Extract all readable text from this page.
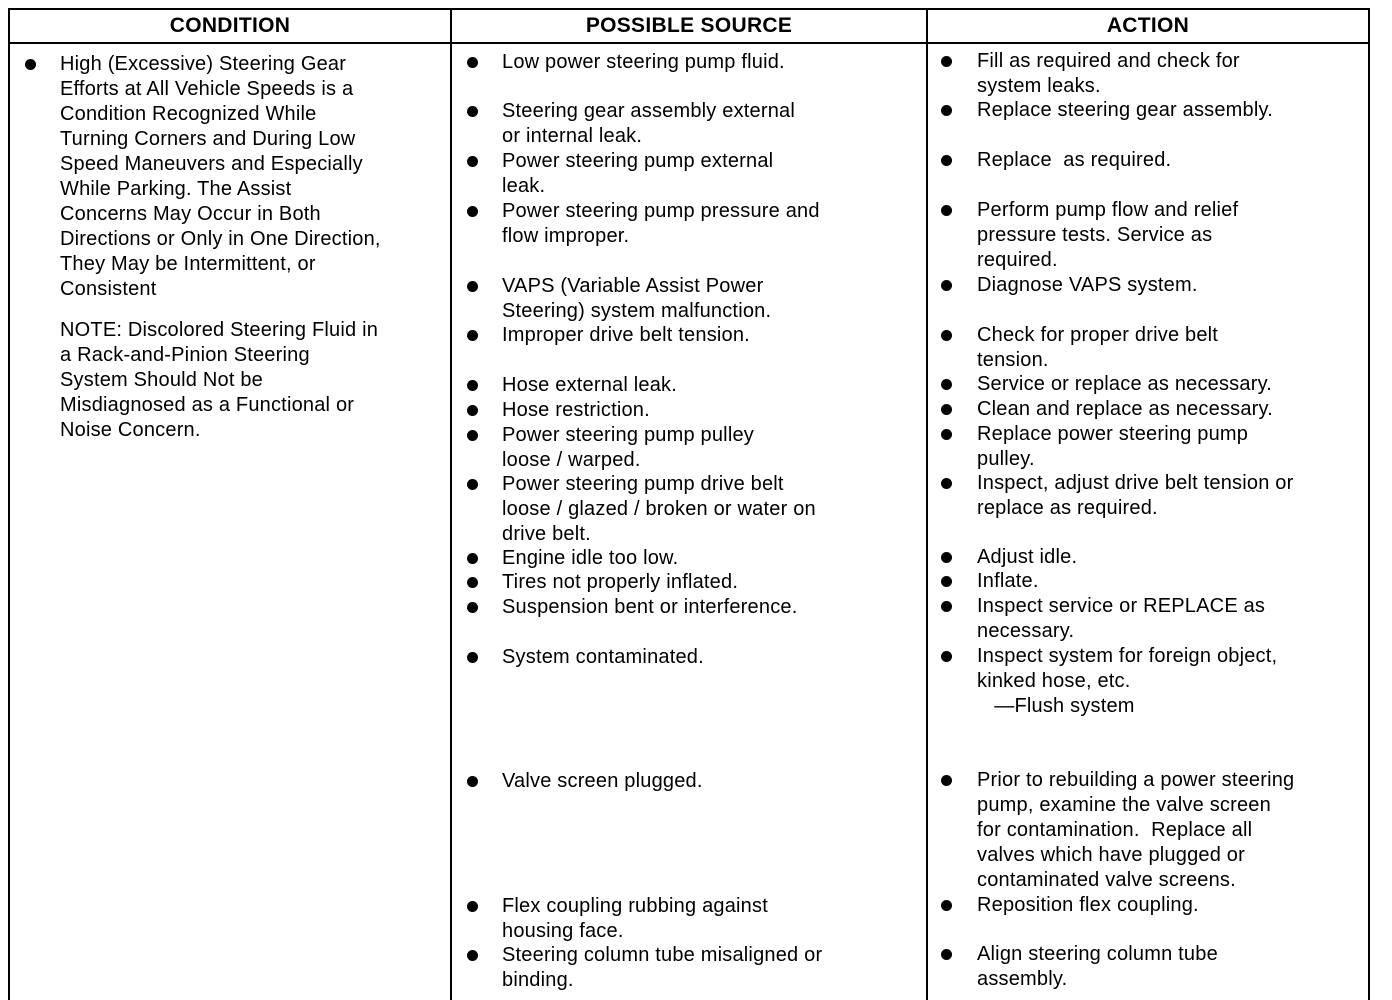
CONDITION	POSSIBLE SOURCE	ACTION
High (Excessive) Steering Gear
Efforts at All Vehicle Speeds is a
Condition Recognized While
Turning Corners and During Low
Speed Maneuvers and Especially
While Parking. The Assist
Concerns May Occur in Both
Directions or Only in One Direction,
They May be Intermittent, or
Consistent
NOTE: Discolored Steering Fluid in
a Rack-and-Pinion Steering
System Should Not be
Misdiagnosed as a Functional or
Noise Concern.
Low power steering pump fluid.
Steering gear assembly external
or internal leak.
Power steering pump external
leak.
Power steering pump pressure and
flow improper.
VAPS (Variable Assist Power
Steering) system malfunction.
Improper drive belt tension.
Hose external leak.
Hose restriction.
Power steering pump pulley
loose / warped.
Power steering pump drive belt
loose / glazed / broken or water on
drive belt.
Engine idle too low.
Tires not properly inflated.
Suspension bent or interference.
System contaminated.
Valve screen plugged.
Flex coupling rubbing against
housing face.
Steering column tube misaligned or
binding.
Fill as required and check for
system leaks.
Replace steering gear assembly.
Replace  as required.
Perform pump flow and relief
pressure tests. Service as
required.
Diagnose VAPS system.
Check for proper drive belt
tension.
Service or replace as necessary.
Clean and replace as necessary.
Replace power steering pump
pulley.
Inspect, adjust drive belt tension or
replace as required.
Adjust idle.
Inflate.
Inspect service or REPLACE as
necessary.
Inspect system for foreign object,
kinked hose, etc.
—Flush system
Prior to rebuilding a power steering
pump, examine the valve screen
for contamination.  Replace all
valves which have plugged or
contaminated valve screens.
Reposition flex coupling.
Align steering column tube
assembly.
